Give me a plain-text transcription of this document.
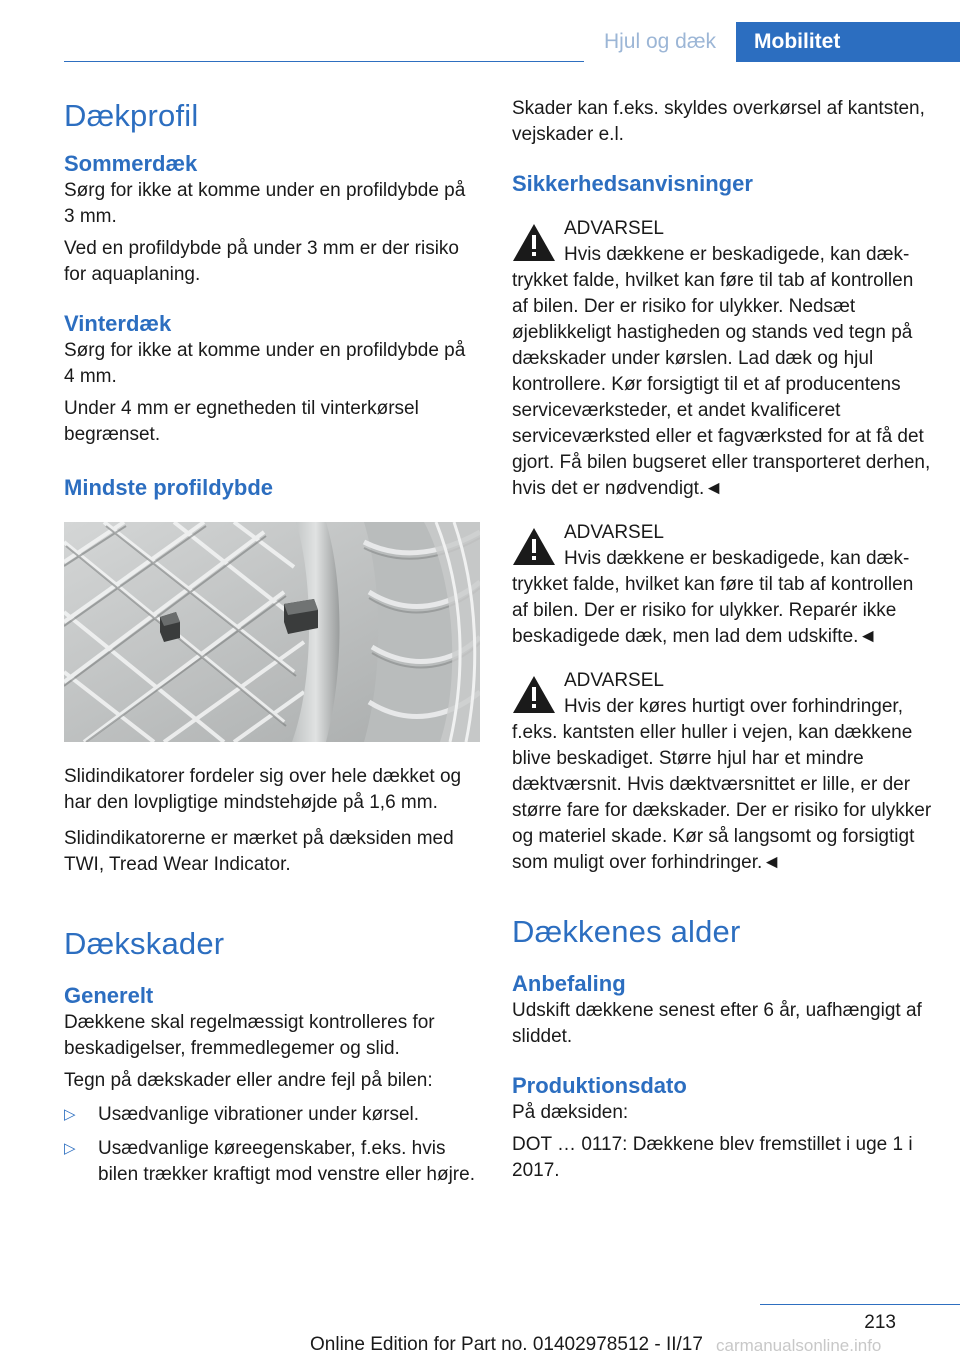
Hjul og dæk	Mobilitet
Dækprofil
Sommerdæk

Sørg for ikke at komme under en profildybde på 3 mm.

Ved en profildybde på under 3 mm er der risiko for aquaplaning.

Vinterdæk

Sørg for ikke at komme under en profildybde på 4 mm.

Under 4 mm er egnetheden til vinterkørsel begrænset.

Mindste profildybde

Slidindikatorer fordeler sig over hele dækket og har den lovpligtige mindstehøjde på 1,6 mm.

Slidindikatorerne er mærket på dæksiden med TWI, Tread Wear Indicator.

Dækskader
Generelt

Dækkene skal regelmæssigt kontrolleres for beskadigelser, fremmedlegemer og slid.

Tegn på dækskader eller andre fejl på bilen:

▷	Usædvanlige vibrationer under kørsel.
▷	Usædvanlige køreegenskaber, f.eks. hvis bilen trækker kraftigt mod venstre eller højre.

Skader kan f.eks. skyldes overkørsel af kantsten, vejskader e.l.

Sikkerhedsanvisninger
ADVARSEL
Hvis dækkene er beskadigede, kan dæk-

trykket falde, hvilket kan føre til tab af kontrollen af bilen. Der er risiko for ulykker. Nedsæt øjeblikkeligt hastigheden og stands ved tegn på dækskader under kørslen. Lad dæk og hjul kontrollere. Kør forsigtigt til et af producentens serviceværksteder, et andet kvalificeret serviceværksted eller et fagværksted for at få det gjort. Få bilen bugseret eller transporteret derhen, hvis det er nødvendigt.◄

ADVARSEL
Hvis dækkene er beskadigede, kan dæk-

trykket falde, hvilket kan føre til tab af kontrollen af bilen. Der er risiko for ulykker. Reparér ikke beskadigede dæk, men lad dem udskifte.◄

ADVARSEL
Hvis der køres hurtigt over forhindringer,

f.eks. kantsten eller huller i vejen, kan dækkene blive beskadiget. Større hjul har et mindre dæktværsnit. Hvis dæktværsnittet er lille, er der større fare for dækskader. Der er risiko for ulykker og materiel skade. Kør så langsomt og forsigtigt som muligt over forhindringer.◄

Dækkenes alder
Anbefaling

Udskift dækkene senest efter 6 år, uafhængigt af sliddet.

Produktionsdato

På dæksiden:

DOT … 0117: Dækkene blev fremstillet i uge 1 i 2017.

213
Online Edition for Part no. 01402978512 - II/17 carmanualsonline.info
